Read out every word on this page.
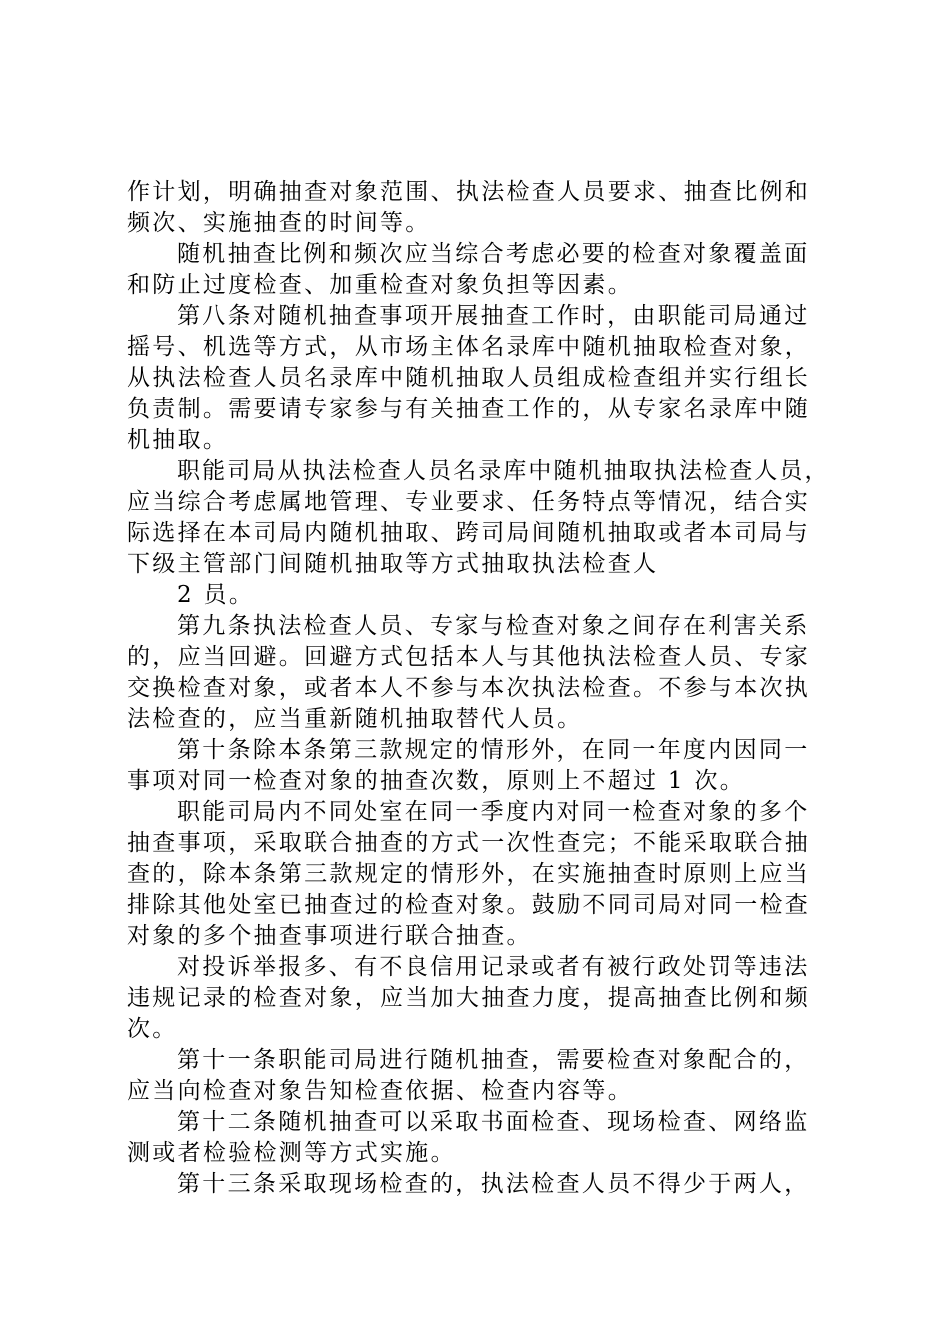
作计划，明确抽查对象范围、执法检查人员要求、抽查比例和
频次、实施抽查的时间等。
随机抽查比例和频次应当综合考虑必要的检查对象覆盖面
和防止过度检查、加重检查对象负担等因素。
第八条对随机抽查事项开展抽查工作时，由职能司局通过
摇号、机选等方式，从市场主体名录库中随机抽取检查对象，
从执法检查人员名录库中随机抽取人员组成检查组并实行组长
负责制。需要请专家参与有关抽查工作的，从专家名录库中随
机抽取。
职能司局从执法检查人员名录库中随机抽取执法检查人员，
应当综合考虑属地管理、专业要求、任务特点等情况，结合实
际选择在本司局内随机抽取、跨司局间随机抽取或者本司局与
下级主管部门间随机抽取等方式抽取执法检查人
2 员。
第九条执法检查人员、专家与检查对象之间存在利害关系
的，应当回避。回避方式包括本人与其他执法检查人员、专家
交换检查对象，或者本人不参与本次执法检查。不参与本次执
法检查的，应当重新随机抽取替代人员。
第十条除本条第三款规定的情形外，在同一年度内因同一
事项对同一检查对象的抽查次数，原则上不超过 1 次。
职能司局内不同处室在同一季度内对同一检查对象的多个
抽查事项，采取联合抽查的方式一次性查完；不能采取联合抽
查的，除本条第三款规定的情形外，在实施抽查时原则上应当
排除其他处室已抽查过的检查对象。鼓励不同司局对同一检查
对象的多个抽查事项进行联合抽查。
对投诉举报多、有不良信用记录或者有被行政处罚等违法
违规记录的检查对象，应当加大抽查力度，提高抽查比例和频
次。
第十一条职能司局进行随机抽查，需要检查对象配合的，
应当向检查对象告知检查依据、检查内容等。
第十二条随机抽查可以采取书面检查、现场检查、网络监
测或者检验检测等方式实施。
第十三条采取现场检查的，执法检查人员不得少于两人，
